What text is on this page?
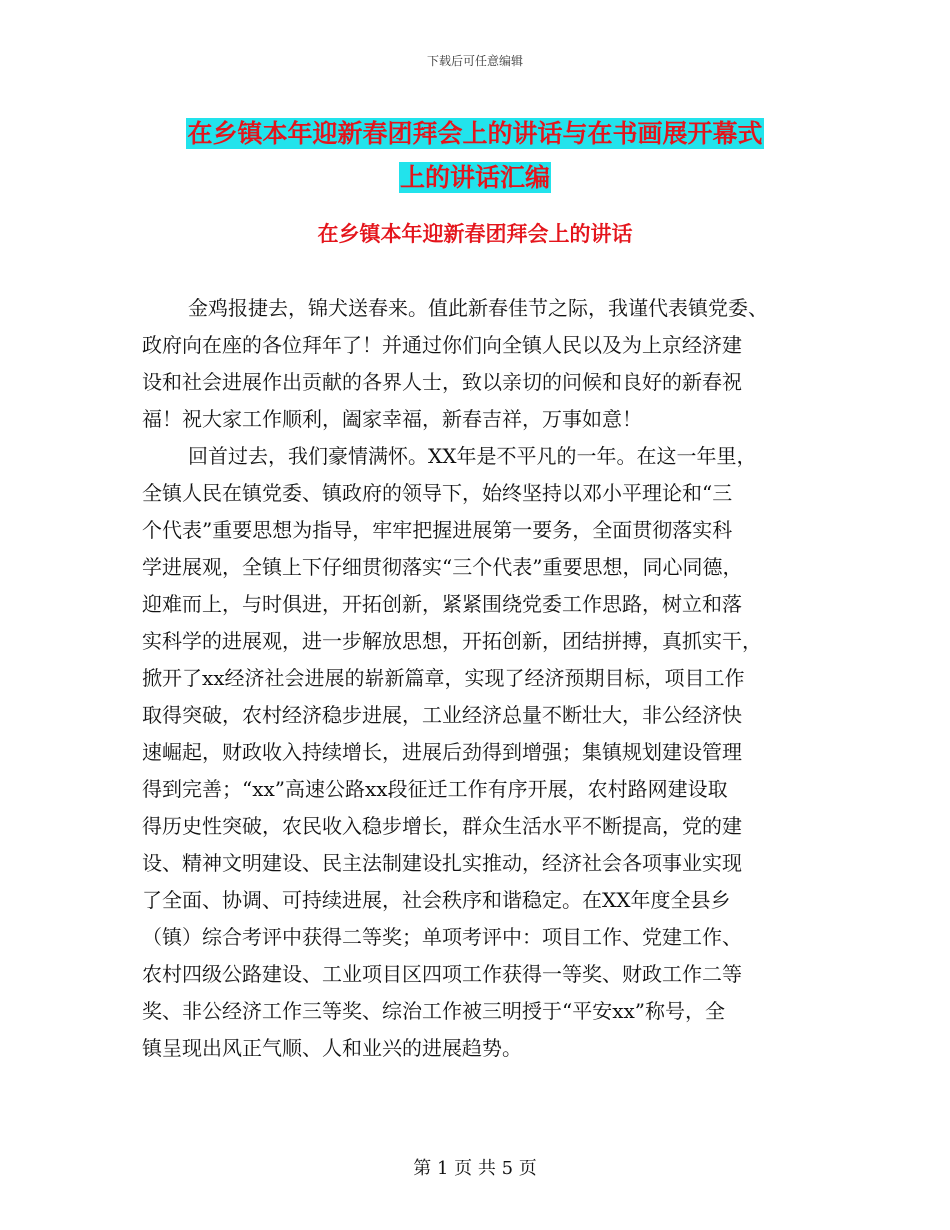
下载后可任意编辑
在乡镇本年迎新春团拜会上的讲话与在书画展开幕式
上的讲话汇编
在乡镇本年迎新春团拜会上的讲话
金鸡报捷去，锦犬送春来。值此新春佳节之际，我谨代表镇党委、
政府向在座的各位拜年了！并通过你们向全镇人民以及为上京经济建
设和社会进展作出贡献的各界人士，致以亲切的问候和良好的新春祝
福！祝大家工作顺利，阖家幸福，新春吉祥，万事如意！
回首过去，我们豪情满怀。XX年是不平凡的一年。在这一年里，
全镇人民在镇党委、镇政府的领导下，始终坚持以邓小平理论和“三
个代表”重要思想为指导，牢牢把握进展第一要务，全面贯彻落实科
学进展观，全镇上下仔细贯彻落实“三个代表”重要思想，同心同德，
迎难而上，与时俱进，开拓创新，紧紧围绕党委工作思路，树立和落
实科学的进展观，进一步解放思想，开拓创新，团结拼搏，真抓实干，
掀开了xx经济社会进展的崭新篇章，实现了经济预期目标，项目工作
取得突破，农村经济稳步进展，工业经济总量不断壮大，非公经济快
速崛起，财政收入持续增长，进展后劲得到增强；集镇规划建设管理
得到完善；“xx”高速公路xx段征迁工作有序开展，农村路网建设取
得历史性突破，农民收入稳步增长，群众生活水平不断提高，党的建
设、精神文明建设、民主法制建设扎实推动，经济社会各项事业实现
了全面、协调、可持续进展，社会秩序和谐稳定。在XX年度全县乡
（镇）综合考评中获得二等奖；单项考评中：项目工作、党建工作、
农村四级公路建设、工业项目区四项工作获得一等奖、财政工作二等
奖、非公经济工作三等奖、综治工作被三明授于“平安xx”称号，全
镇呈现出风正气顺、人和业兴的进展趋势。
第 1 页 共 5 页
